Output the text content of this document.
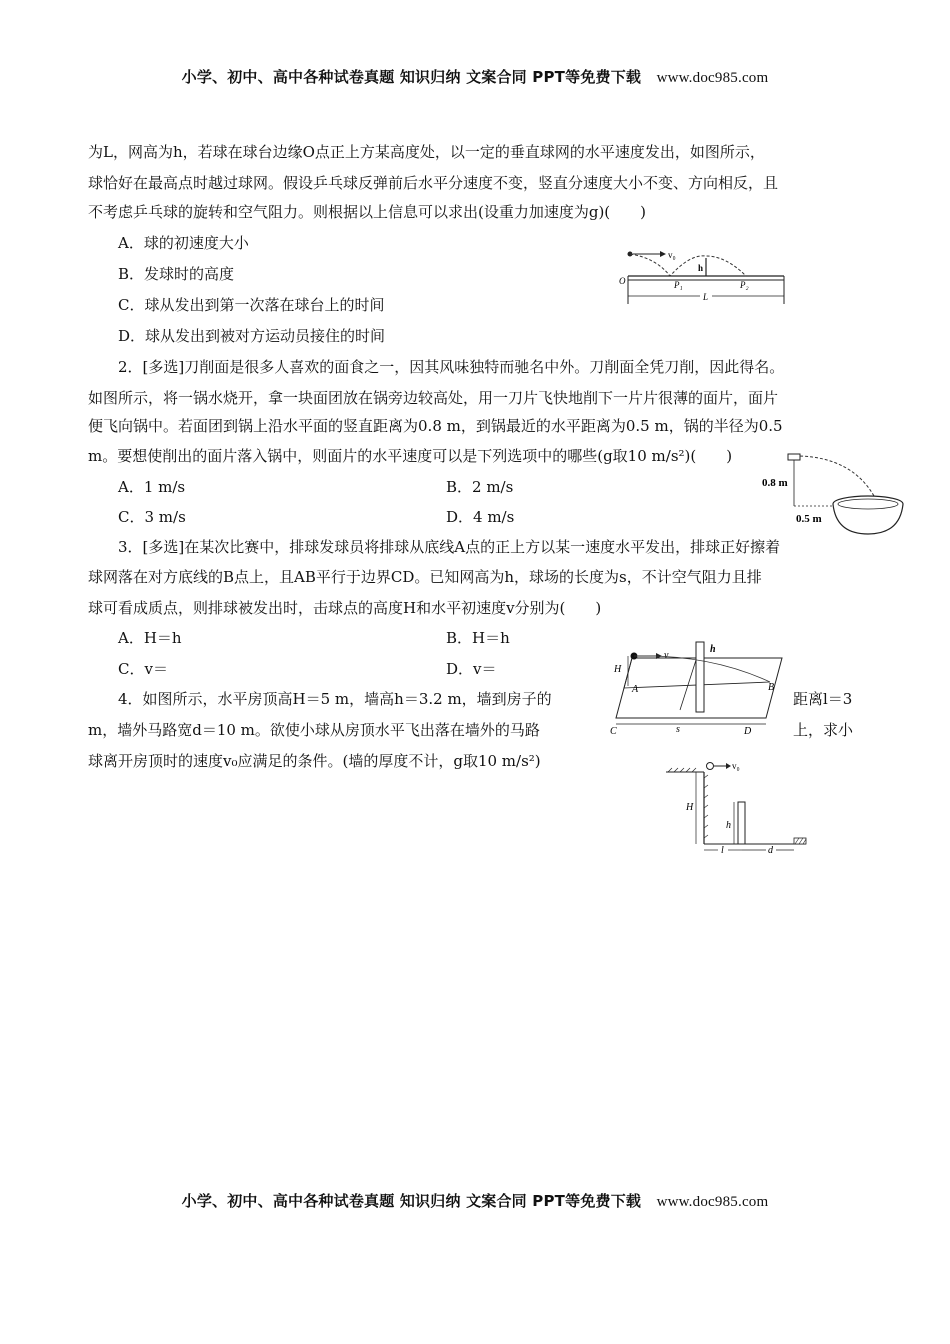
小学、初中、高中各种试卷真题 知识归纳 文案合同 PPT等免费下载 www.doc985.com
为L，网高为h，若球在球台边缘O点正上方某高度处，以一定的垂直球网的水平速度发出，如图所示，
球恰好在最高点时越过球网。假设乒乓球反弹前后水平分速度不变，竖直分速度大小不变、方向相反，且
不考虑乒乓球的旋转和空气阻力。则根据以上信息可以求出(设重力加速度为g)(　　)
A．球的初速度大小
B．发球时的高度
C．球从发出到第一次落在球台上的时间
D．球从发出到被对方运动员接住的时间
v₀
h
O	P₁	P₂
L
2．[多选]刀削面是很多人喜欢的面食之一，因其风味独特而驰名中外。刀削面全凭刀削，因此得名。
如图所示，将一锅水烧开，拿一块面团放在锅旁边较高处，用一刀片飞快地削下一片片很薄的面片，面片
便飞向锅中。若面团到锅上沿水平面的竖直距离为0.8 m，到锅最近的水平距离为0.5 m，锅的半径为0.5
m。要想使削出的面片落入锅中，则面片的水平速度可以是下列选项中的哪些(g取10 m/s²)(　　)
A．1 m/s	B．2 m/s
C．3 m/s	D．4 m/s
0.8 m
0.5 m
3．[多选]在某次比赛中，排球发球员将排球从底线A点的正上方以某一速度水平发出，排球正好擦着
球网落在对方底线的B点上，且AB平行于边界CD。已知网高为h，球场的长度为s，不计空气阻力且排
球可看成质点，则排球被发出时，击球点的高度H和水平初速度v分别为(　　)
A．H＝h	B．H＝h
C．v＝	D．v＝
v
H
h
A	B
C	s	D
4．如图所示，水平房顶高H＝5 m，墙高h＝3.2 m，墙到房子的	距离l＝3
m，墙外马路宽d＝10 m。欲使小球从房顶水平飞出落在墙外的马路	上，求小
球离开房顶时的速度v₀应满足的条件。(墙的厚度不计，g取10 m/s²)	v₀
H
h
l	d
小学、初中、高中各种试卷真题 知识归纳 文案合同 PPT等免费下载 www.doc985.com
